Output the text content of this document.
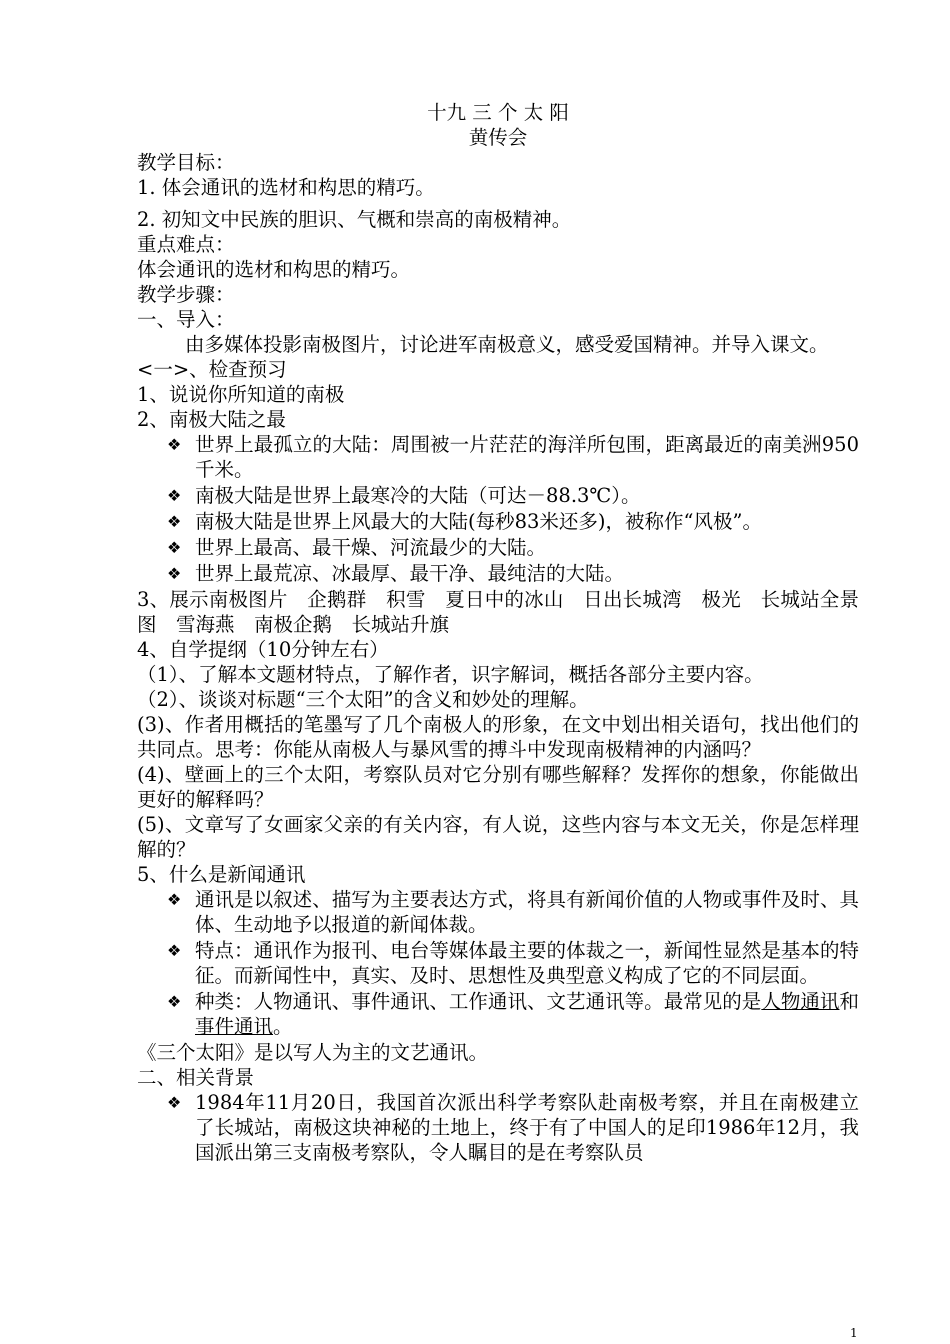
十九 三 个 太 阳

黄传会

教学目标：

1. 体会通讯的选材和构思的精巧。

2. 初知文中民族的胆识、气概和崇高的南极精神。

重点难点：

体会通讯的选材和构思的精巧。

教学步骤：

一、导入：

由多媒体投影南极图片，讨论进军南极意义，感受爱国精神。并导入课文。

<一>、检查预习

1、说说你所知道的南极

2、南极大陆之最

❖ 世界上最孤立的大陆：周围被一片茫茫的海洋所包围，距离最近的南美洲950千米。
❖ 南极大陆是世界上最寒冷的大陆（可达－88.3℃）。
❖ 南极大陆是世界上风最大的大陆(每秒83米还多)，被称作“风极”。
❖ 世界上最高、最干燥、河流最少的大陆。
❖ 世界上最荒凉、冰最厚、最干净、最纯洁的大陆。

3、展示南极图片　企鹅群　积雪　夏日中的冰山　日出长城湾　极光　长城站全景图　雪海燕　南极企鹅　长城站升旗

4、自学提纲（10分钟左右）

（1）、了解本文题材特点，了解作者，识字解词，概括各部分主要内容。

（2）、谈谈对标题“三个太阳”的含义和妙处的理解。

(3)、作者用概括的笔墨写了几个南极人的形象，在文中划出相关语句，找出他们的共同点。思考：你能从南极人与暴风雪的搏斗中发现南极精神的内涵吗？

(4)、壁画上的三个太阳，考察队员对它分别有哪些解释？发挥你的想象，你能做出更好的解释吗？

(5)、文章写了女画家父亲的有关内容，有人说，这些内容与本文无关，你是怎样理解的？

5、什么是新闻通讯

❖ 通讯是以叙述、描写为主要表达方式，将具有新闻价值的人物或事件及时、具体、生动地予以报道的新闻体裁。
❖ 特点：通讯作为报刊、电台等媒体最主要的体裁之一，新闻性显然是基本的特征。而新闻性中，真实、及时、思想性及典型意义构成了它的不同层面。
❖ 种类：人物通讯、事件通讯、工作通讯、文艺通讯等。最常见的是人物通讯和事件通讯。

《三个太阳》是以写人为主的文艺通讯。

二、相关背景

❖ 1984年11月20日，我国首次派出科学考察队赴南极考察，并且在南极建立了长城站，南极这块神秘的土地上，终于有了中国人的足印1986年12月，我国派出第三支南极考察队，令人瞩目的是在考察队员
1
